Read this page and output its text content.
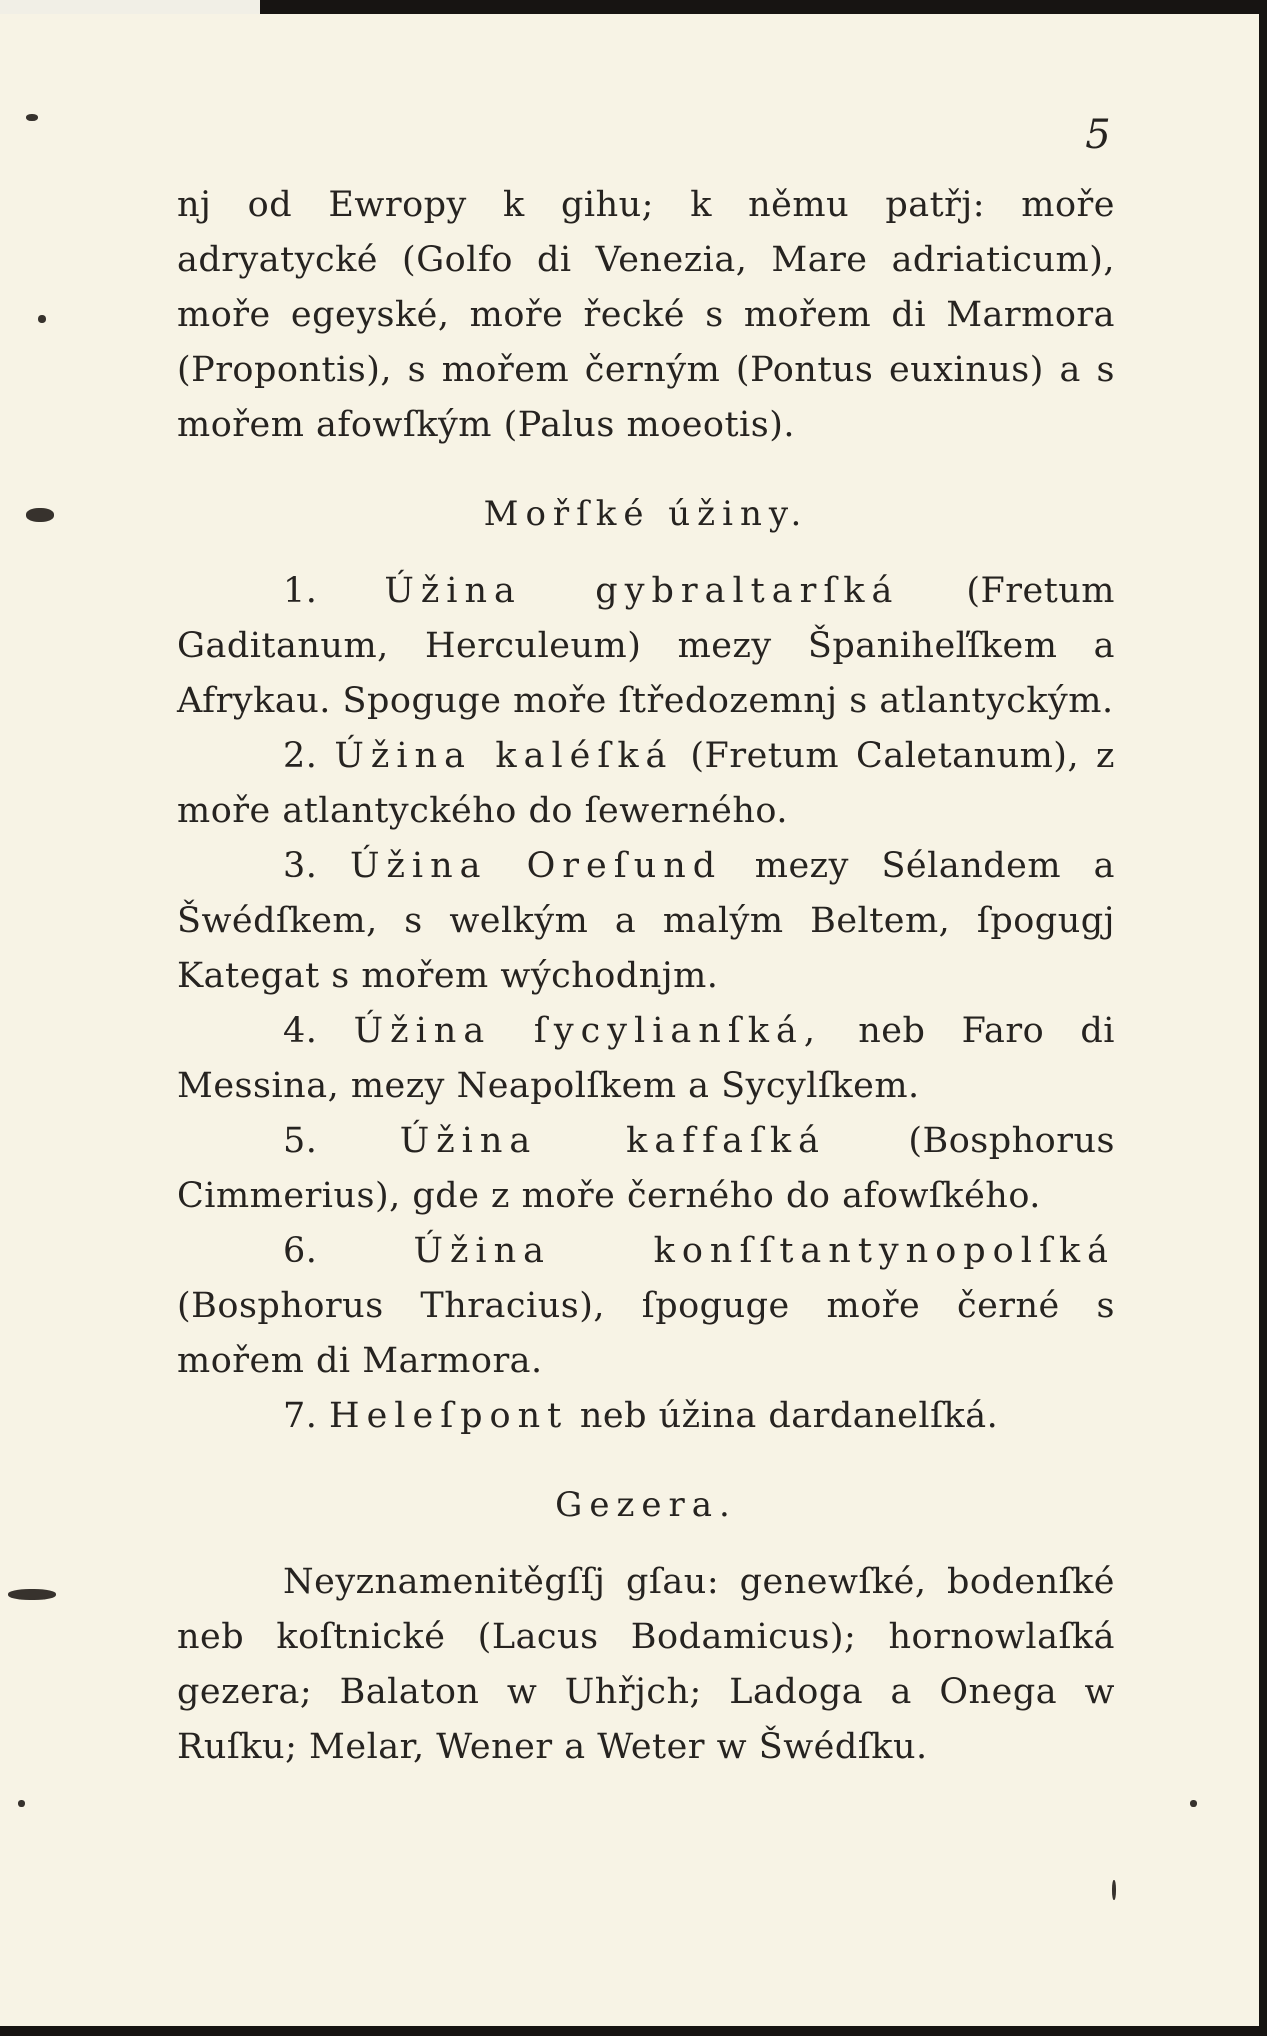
5

nj od Ewropy k gihu; k němu patřj: moře adryatycké (Golfo di Venezia, Mare adriaticum), moře egeyské, moře řecké s mořem di Marmora (Propontis), s mořem černým (Pontus euxinus) a s mořem afowſkým (Palus moeotis).

Mořſké úžiny.

1. Úžina gybraltarſká (Fretum Gaditanum, Herculeum) mezy Španiheľſkem a Afrykau. Spoguge moře ſtředozemnj s atlantyckým.

2. Úžina kaléſká (Fretum Caletanum), z moře atlantyckého do ſewerného.

3. Úžina Oreſund mezy Sélandem a Šwédſkem, s welkým a malým Beltem, ſpogugj Kategat s mořem wýchodnjm.

4. Úžina ſycylianſká, neb Faro di Messina, mezy Neapolſkem a Sycylſkem.

5. Úžina kaffaſká (Bosphorus Cimmerius), gde z moře černého do afowſkého.

6.	Úžina konſſtantynopolſká (Bosphorus Thracius), ſpoguge moře černé s mořem di Marmora.

7. Heleſpont neb úžina dardanelſká.

Gezera.

Neyznamenitěgſſj gſau: genewſké, bodenſké neb koſtnické (Lacus Bodamicus); hornowlaſká gezera; Balaton w Uhřjch; Ladoga a Onega w Ruſku; Melar, Wener a Weter w Šwédſku.
